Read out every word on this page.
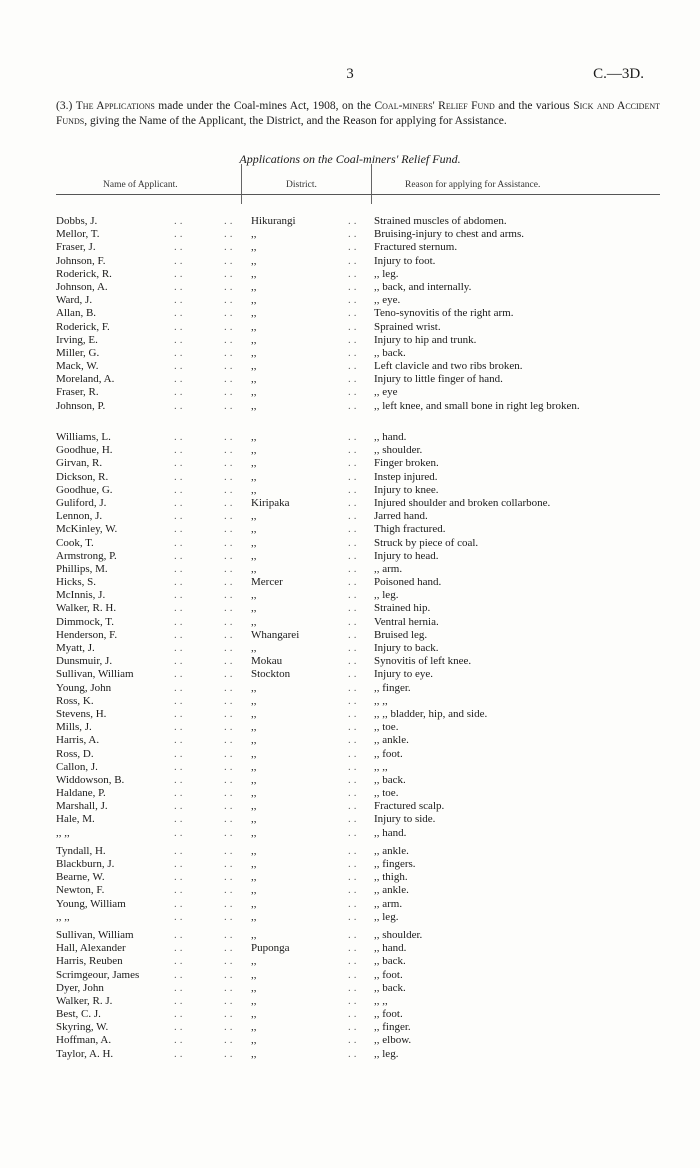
3	C.—3D.
(3.) The Applications made under the Coal-mines Act, 1908, on the Coal-miners' Relief Fund and the various Sick and Accident Funds, giving the Name of the Applicant, the District, and the Reason for applying for Assistance.
Applications on the Coal-miners' Relief Fund.
Name of Applicant.	District.	Reason for applying for Assistance.
Dobbs, J.	..	.. Hikurangi	.. Strained muscles of abdomen.
Mellor, T.	..	.. ,,	.. Bruising-injury to chest and arms.
Fraser, J.	..	.. ,,	.. Fractured sternum.
Johnson, F.	..	.. ,,	.. Injury to foot.
Roderick, R.	..	.. ,,	.. ,, leg.
Johnson, A.	..	.. ,,	.. ,, back, and internally.
Ward, J.	..	.. ,,	.. ,, eye.
Allan, B.	..	.. ,,	.. Teno-synovitis of the right arm.
Roderick, F.	..	.. ,,	.. Sprained wrist.
Irving, E.	..	.. ,,	.. Injury to hip and trunk.
Miller, G.	..	.. ,,	.. ,, back.
Mack, W.	..	.. ,,	.. Left clavicle and two ribs broken.
Moreland, A.	..	.. ,,	.. Injury to little finger of hand.
Fraser, R.	..	.. ,,	.. ,, eye
Johnson, P.	..	.. ,,	.. ,, left knee, and small bone in right leg broken.
Williams, L.	..	.. ,,	.. ,, hand.
Goodhue, H.	..	.. ,,	.. ,, shoulder.
Girvan, R.	..	.. ,,	.. Finger broken.
Dickson, R.	..	.. ,,	.. Instep injured.
Goodhue, G.	..	.. ,,	.. Injury to knee.
Guliford, J.	..	.. Kiripaka	.. Injured shoulder and broken collarbone.
Lennon, J.	..	.. ,,	.. Jarred hand.
McKinley, W.	..	.. ,,	.. Thigh fractured.
Cook, T.	..	.. ,,	.. Struck by piece of coal.
Armstrong, P.	..	.. ,,	.. Injury to head.
Phillips, M.	..	.. ,,	.. ,, arm.
Hicks, S.	..	.. Mercer	.. Poisoned hand.
McInnis, J.	..	.. ,,	.. ,, leg.
Walker, R. H.	..	.. ,,	.. Strained hip.
Dimmock, T.	..	.. ,,	.. Ventral hernia.
Henderson, F.	..	.. Whangarei	.. Bruised leg.
Myatt, J.	..	.. ,,	.. Injury to back.
Dunsmuir, J.	..	.. Mokau	.. Synovitis of left knee.
Sullivan, William	..	.. Stockton	.. Injury to eye.
Young, John	..	.. ,,	.. ,, finger.
Ross, K.	..	.. ,,	.. ,, ,,
Stevens, H.	..	.. ,,	.. ,, ,, bladder, hip, and side.
Mills, J.	..	.. ,,	.. ,, toe.
Harris, A.	..	.. ,,	.. ,, ankle.
Ross, D.	..	.. ,,	.. ,, foot.
Callon, J.	..	.. ,,	.. ,, ,,
Widdowson, B.	..	.. ,,	.. ,, back.
Haldane, P.	..	.. ,,	.. ,, toe.
Marshall, J.	..	.. ,,	.. Fractured scalp.
Hale, M.	..	.. ,,	.. Injury to side.
,, ,,	..	.. ,,	.. ,, hand.
Tyndall, H.	..	.. ,,	.. ,, ankle.
Blackburn, J.	..	.. ,,	.. ,, fingers.
Bearne, W.	..	.. ,,	.. ,, thigh.
Newton, F.	..	.. ,,	.. ,, ankle.
Young, William	..	.. ,,	.. ,, arm.
,, ,,	..	.. ,,	.. ,, leg.
Sullivan, William	..	.. ,,	.. ,, shoulder.
Hall, Alexander	..	.. Puponga	.. ,, hand.
Harris, Reuben	..	.. ,,	.. ,, back.
Scrimgeour, James	..	.. ,,	.. ,, foot.
Dyer, John	..	.. ,,	.. ,, back.
Walker, R. J.	..	.. ,,	.. ,, ,,
Best, C. J.	..	.. ,,	.. ,, foot.
Skyring, W.	..	.. ,,	.. ,, finger.
Hoffman, A.	..	.. ,,	.. ,, elbow.
Taylor, A. H.	..	.. ,,	.. ,, leg.
